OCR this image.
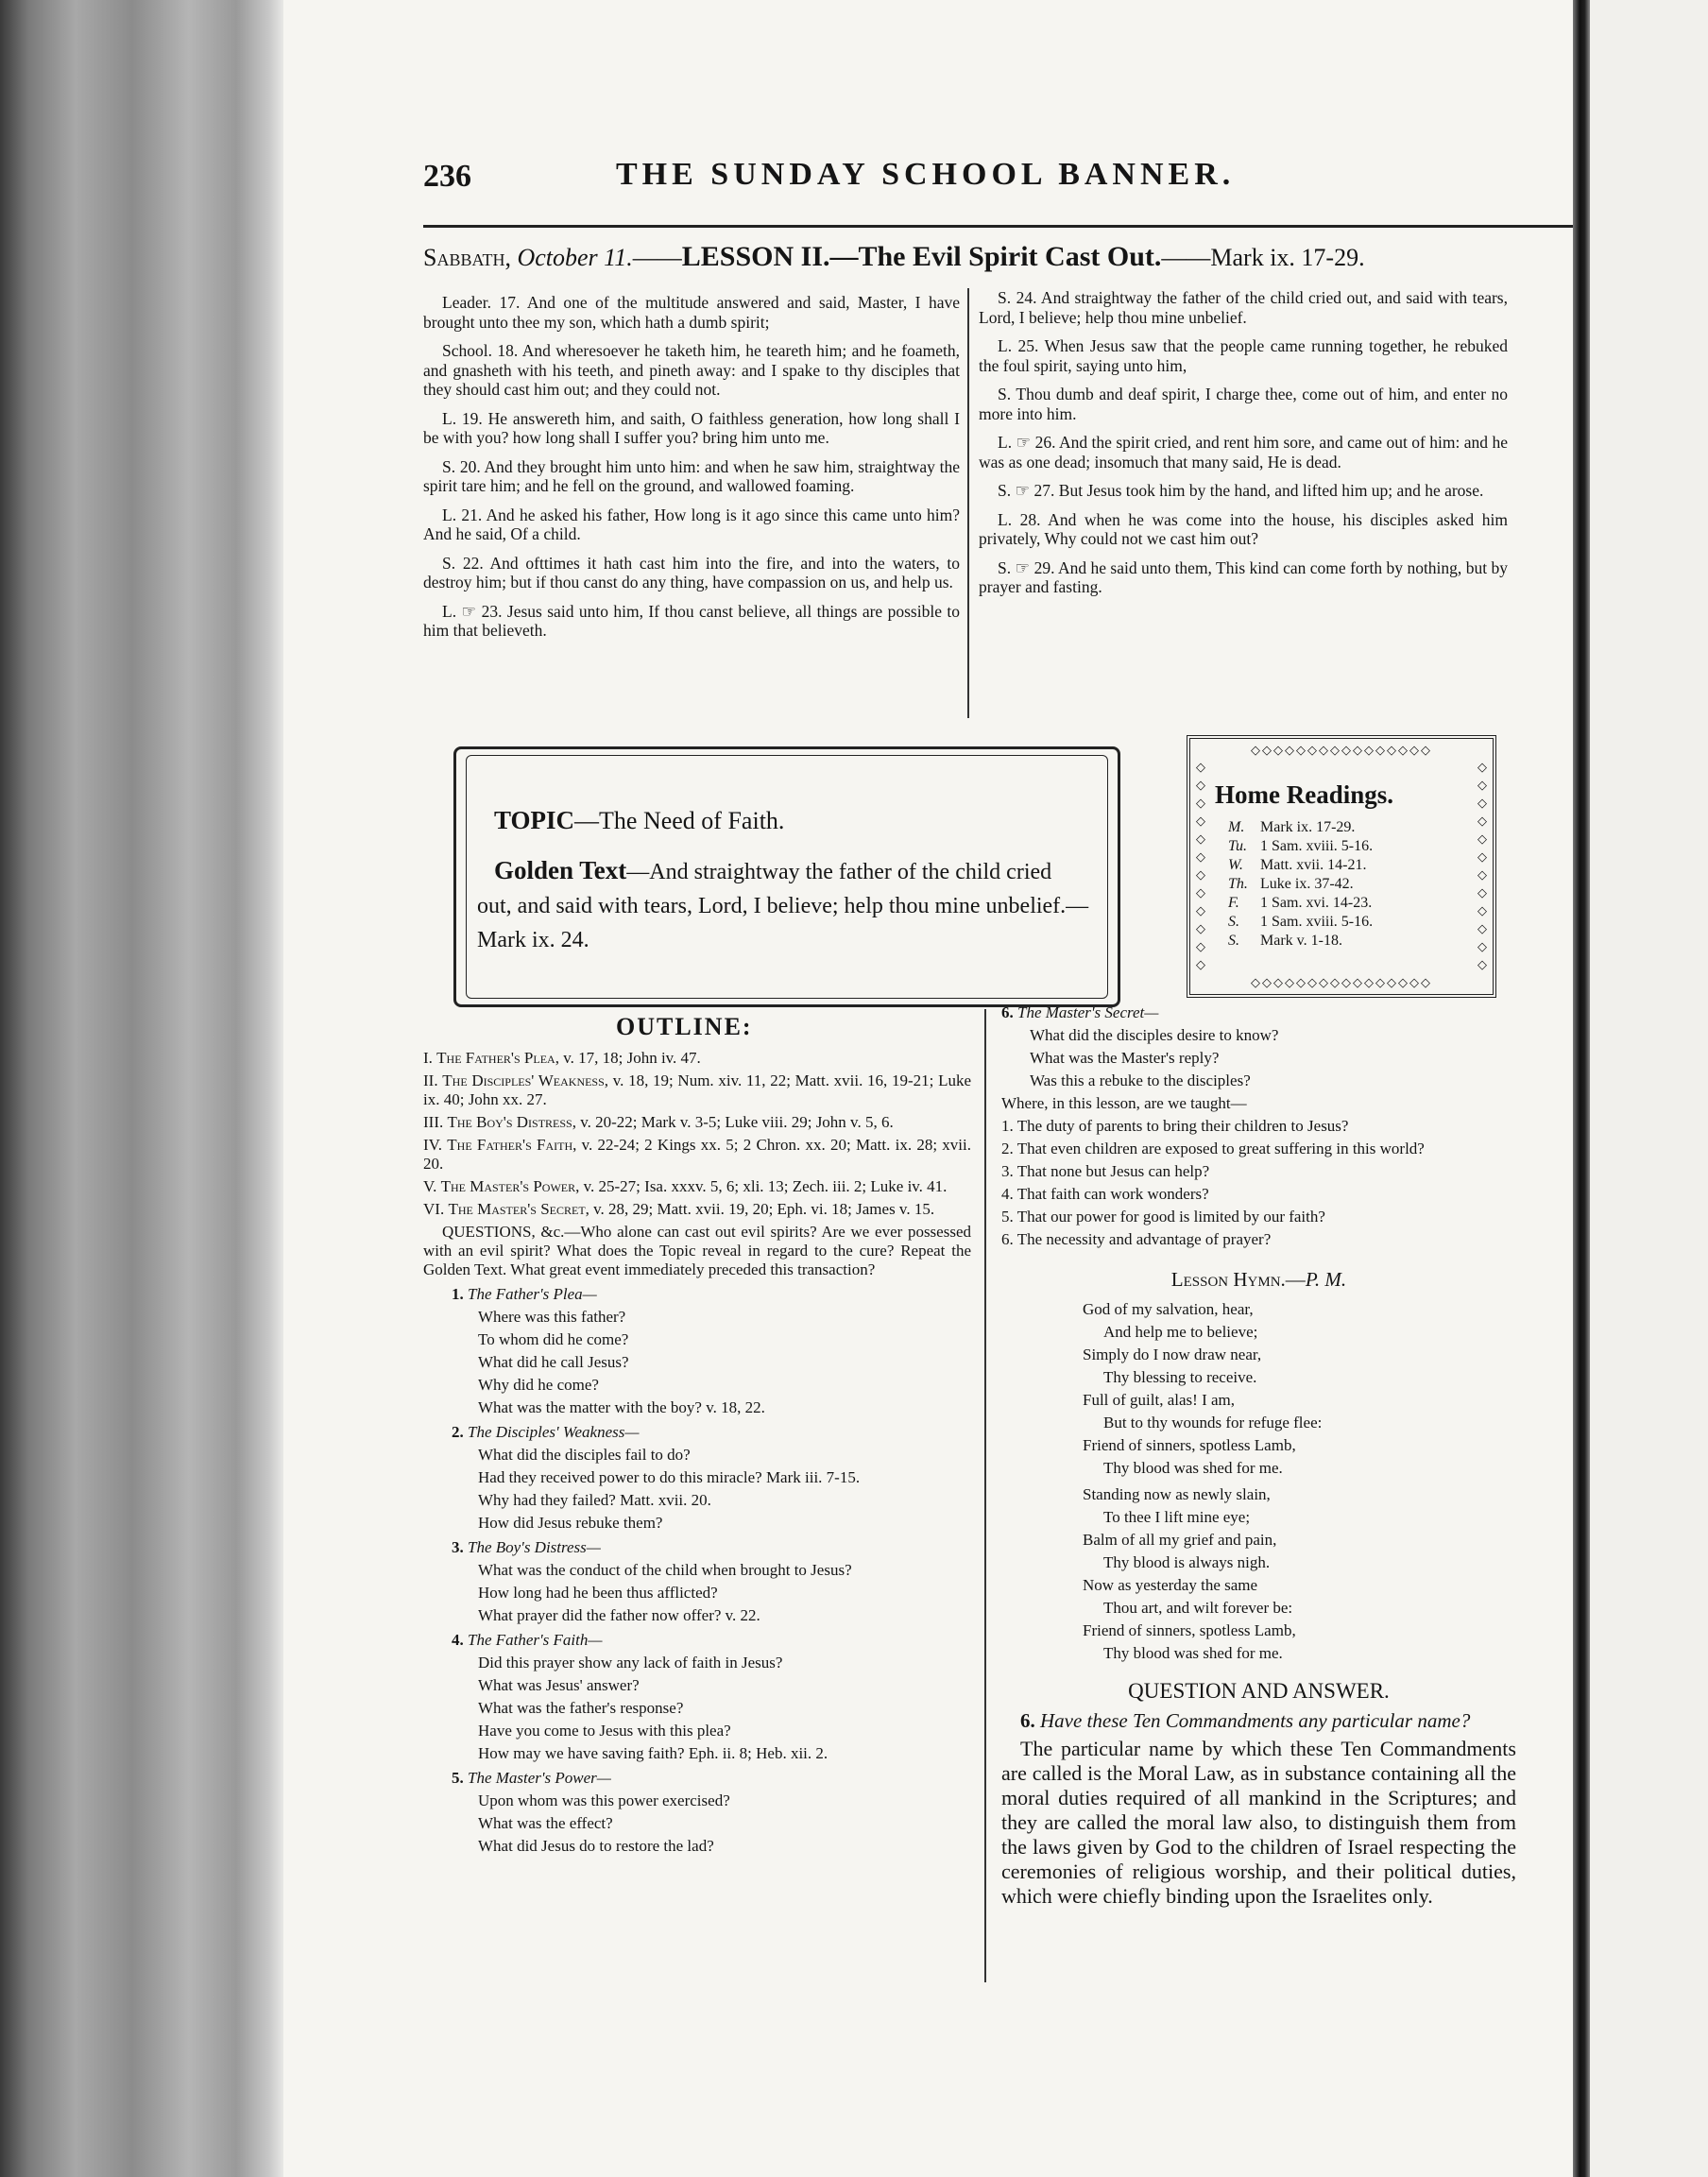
236	THE SUNDAY SCHOOL BANNER.
Sabbath, October 11.——LESSON II.—The Evil Spirit Cast Out.——Mark ix. 17-29.

Leader. 17. And one of the multitude answered and said, Master, I have brought unto thee my son, which hath a dumb spirit;

School. 18. And wheresoever he taketh him, he teareth him; and he foameth, and gnasheth with his teeth, and pineth away: and I spake to thy disciples that they should cast him out; and they could not.

L. 19. He answereth him, and saith, O faithless generation, how long shall I be with you? how long shall I suffer you? bring him unto me.

S. 20. And they brought him unto him: and when he saw him, straightway the spirit tare him; and he fell on the ground, and wallowed foaming.

L. 21. And he asked his father, How long is it ago since this came unto him? And he said, Of a child.

S. 22. And ofttimes it hath cast him into the fire, and into the waters, to destroy him; but if thou canst do any thing, have compassion on us, and help us.

L. ☞ 23. Jesus said unto him, If thou canst believe, all things are possible to him that believeth.

S. 24. And straightway the father of the child cried out, and said with tears, Lord, I believe; help thou mine unbelief.

L. 25. When Jesus saw that the people came running together, he rebuked the foul spirit, saying unto him,

S. Thou dumb and deaf spirit, I charge thee, come out of him, and enter no more into him.

L. ☞ 26. And the spirit cried, and rent him sore, and came out of him: and he was as one dead; insomuch that many said, He is dead.

S. ☞ 27. But Jesus took him by the hand, and lifted him up; and he arose.

L. 28. And when he was come into the house, his disciples asked him privately, Why could not we cast him out?

S. ☞ 29. And he said unto them, This kind can come forth by nothing, but by prayer and fasting.

TOPIC—The Need of Faith.
Golden Text—And straightway the father of the child cried out, and said with tears, Lord, I believe; help thou mine unbelief.—Mark ix. 24.
◇◇◇◇◇◇◇◇◇◇◇◇◇◇◇◇
◇◇◇◇◇◇◇◇◇◇◇◇◇◇◇◇
◇ ◇ ◇ ◇ ◇ ◇ ◇ ◇ ◇ ◇ ◇ ◇
◇ ◇ ◇ ◇ ◇ ◇ ◇ ◇ ◇ ◇ ◇ ◇
Home Readings.
M. Mark ix. 17-29.
Tu. 1 Sam. xviii. 5-16.
W. Matt. xvii. 14-21.
Th. Luke ix. 37-42.
F. 1 Sam. xvi. 14-23.
S. 1 Sam. xviii. 5-16.
S. Mark v. 1-18.
OUTLINE:
I. The Father's Plea, v. 17, 18; John iv. 47.
II. The Disciples' Weakness, v. 18, 19; Num. xiv. 11, 22; Matt. xvii. 16, 19-21; Luke ix. 40; John xx. 27.
III. The Boy's Distress, v. 20-22; Mark v. 3-5; Luke viii. 29; John v. 5, 6.
IV. The Father's Faith, v. 22-24; 2 Kings xx. 5; 2 Chron. xx. 20; Matt. ix. 28; xvii. 20.
V. The Master's Power, v. 25-27; Isa. xxxv. 5, 6; xli. 13; Zech. iii. 2; Luke iv. 41.
VI. The Master's Secret, v. 28, 29; Matt. xvii. 19, 20; Eph. vi. 18; James v. 15.
QUESTIONS, &c.—Who alone can cast out evil spirits? Are we ever possessed with an evil spirit? What does the Topic reveal in regard to the cure? Repeat the Golden Text. What great event immediately preceded this transaction?
1. The Father's Plea—
Where was this father?
To whom did he come?
What did he call Jesus?
Why did he come?
What was the matter with the boy? v. 18, 22.
2. The Disciples' Weakness—
What did the disciples fail to do?
Had they received power to do this miracle? Mark iii. 7-15.
Why had they failed? Matt. xvii. 20.
How did Jesus rebuke them?
3. The Boy's Distress—
What was the conduct of the child when brought to Jesus?
How long had he been thus afflicted?
What prayer did the father now offer? v. 22.
4. The Father's Faith—
Did this prayer show any lack of faith in Jesus?
What was Jesus' answer?
What was the father's response?
Have you come to Jesus with this plea?
How may we have saving faith? Eph. ii. 8; Heb. xii. 2.
5. The Master's Power—
Upon whom was this power exercised?
What was the effect?
What did Jesus do to restore the lad?
6. The Master's Secret—
What did the disciples desire to know?
What was the Master's reply?
Was this a rebuke to the disciples?
Where, in this lesson, are we taught—
1. The duty of parents to bring their children to Jesus?
2. That even children are exposed to great suffering in this world?
3. That none but Jesus can help?
4. That faith can work wonders?
5. That our power for good is limited by our faith?
6. The necessity and advantage of prayer?
Lesson Hymn.—P. M.
God of my salvation, hear,
And help me to believe;
Simply do I now draw near,
Thy blessing to receive.
Full of guilt, alas! I am,
But to thy wounds for refuge flee:
Friend of sinners, spotless Lamb,
Thy blood was shed for me.
Standing now as newly slain,
To thee I lift mine eye;
Balm of all my grief and pain,
Thy blood is always nigh.
Now as yesterday the same
Thou art, and wilt forever be:
Friend of sinners, spotless Lamb,
Thy blood was shed for me.
QUESTION AND ANSWER.
6. Have these Ten Commandments any particular name?
The particular name by which these Ten Commandments are called is the Moral Law, as in substance containing all the moral duties required of all mankind in the Scriptures; and they are called the moral law also, to distinguish them from the laws given by God to the children of Israel respecting the ceremonies of religious worship, and their political duties, which were chiefly binding upon the Israelites only.
